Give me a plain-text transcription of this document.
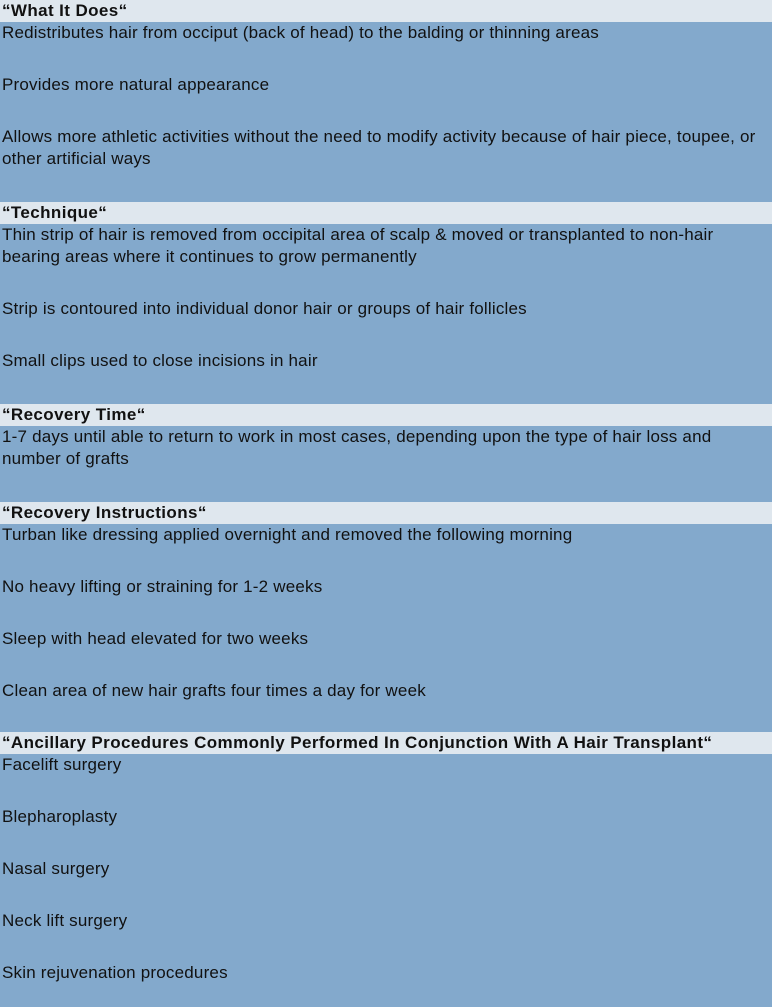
“What It Does“

Redistributes hair from occiput (back of head) to the balding or thinning areas

Provides more natural appearance

Allows more athletic activities without the need to modify activity because of hair piece, toupee, or other artificial ways

“Technique“

Thin strip of hair is removed from occipital area of scalp & moved or transplanted to non-hair bearing areas where it continues to grow permanently

Strip is contoured into individual donor hair or groups of hair follicles

Small clips used to close incisions in hair

“Recovery Time“

1-7 days until able to return to work in most cases, depending upon the type of hair loss and number of grafts

“Recovery Instructions“

Turban like dressing applied overnight and removed the following morning

No heavy lifting or straining for 1-2 weeks

Sleep with head elevated for two weeks

Clean area of new hair grafts four times a day for week

“Ancillary Procedures Commonly Performed In Conjunction With A Hair Transplant“

Facelift surgery

Blepharoplasty

Nasal surgery

Neck lift surgery

Skin rejuvenation procedures
